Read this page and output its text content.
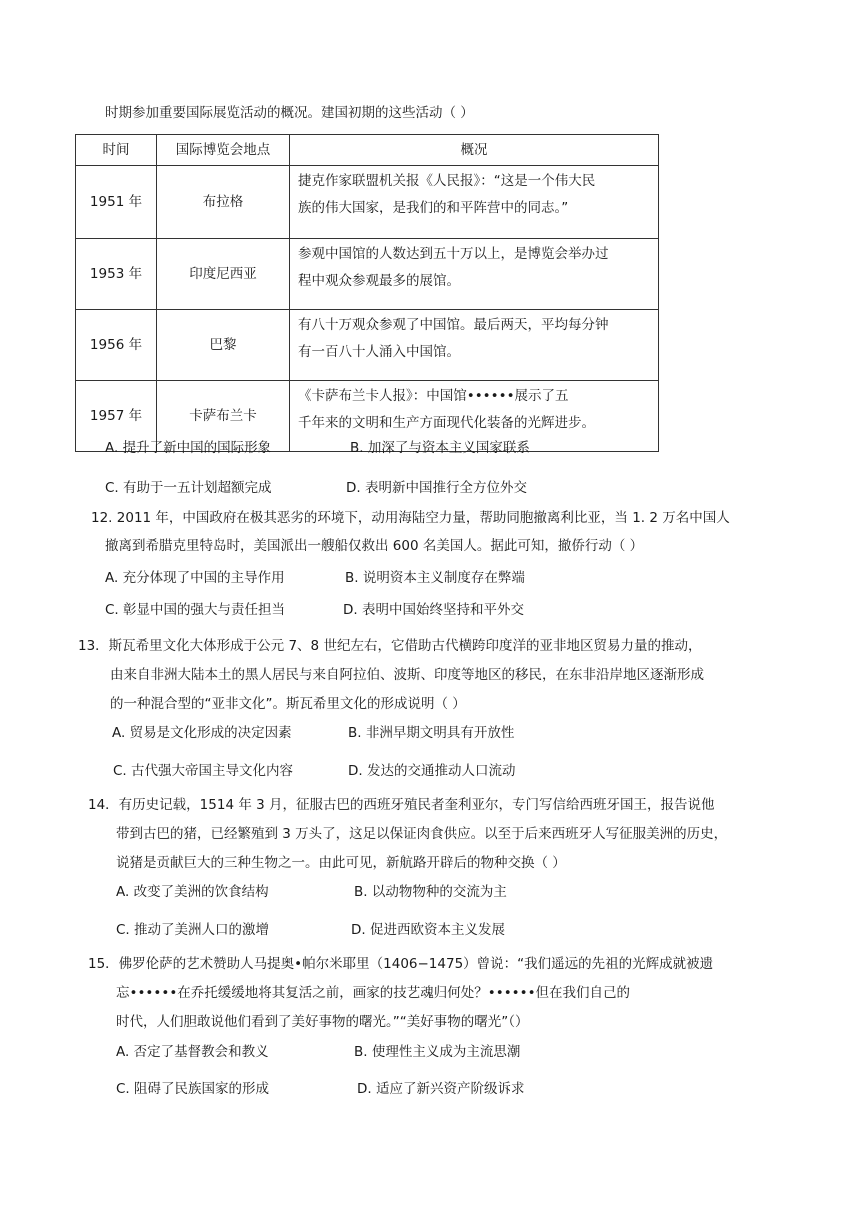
时期参加重要国际展览活动的概况。建国初期的这些活动（ ）
时间	国际博览会地点	概况
1951 年	布拉格	捷克作家联盟机关报《人民报》：“这是一个伟大民
族的伟大国家，是我们的和平阵营中的同志。”

1953 年	印度尼西亚	参观中国馆的人数达到五十万以上，是博览会举办过
程中观众参观最多的展馆。

1956 年	巴黎	有八十万观众参观了中国馆。最后两天，平均每分钟
有一百八十人涌入中国馆。

1957 年	卡萨布兰卡	《卡萨布兰卡人报》：中国馆••••••展示了五
千年来的文明和生产方面现代化装备的光辉进步。
A. 提升了新中国的国际形象	B. 加深了与资本主义国家联系
C. 有助于一五计划超额完成	D. 表明新中国推行全方位外交
12. 2011 年，中国政府在极其恶劣的环境下，动用海陆空力量，帮助同胞撤离利比亚，当 1. 2 万名中国人
撤离到希腊克里特岛时，美国派出一艘船仅救出 600 名美国人。据此可知，撤侨行动（ ）
A. 充分体现了中国的主导作用	B. 说明资本主义制度存在弊端
C. 彰显中国的强大与责任担当	D. 表明中国始终坚持和平外交
13．斯瓦希里文化大体形成于公元 7、8 世纪左右，它借助古代横跨印度洋的亚非地区贸易力量的推动，
由来自非洲大陆本土的黑人居民与来自阿拉伯、波斯、印度等地区的移民，在东非沿岸地区逐渐形成
的一种混合型的“亚非文化”。斯瓦希里文化的形成说明（ ）
A. 贸易是文化形成的决定因素	B. 非洲早期文明具有开放性
C. 古代强大帝国主导文化内容	D. 发达的交通推动人口流动
14．有历史记载，1514 年 3 月，征服古巴的西班牙殖民者奎利亚尔，专门写信给西班牙国王，报告说他
带到古巴的猪，已经繁殖到 3 万头了，这足以保证肉食供应。以至于后来西班牙人写征服美洲的历史，
说猪是贡献巨大的三种生物之一。由此可见，新航路开辟后的物种交换（ ）
A. 改变了美洲的饮食结构	B. 以动物物种的交流为主
C. 推动了美洲人口的激增	D. 促进西欧资本主义发展
15．佛罗伦萨的艺术赞助人马提奥•帕尔米耶里（1406−1475）曾说：“我们遥远的先祖的光辉成就被遗
忘••••••在乔托缓缓地将其复活之前，画家的技艺魂归何处？••••••但在我们自己的
时代，人们胆敢说他们看到了美好事物的曙光。”“美好事物的曙光”（）
A. 否定了基督教会和教义	B. 使理性主义成为主流思潮
C. 阻碍了民族国家的形成	D. 适应了新兴资产阶级诉求
